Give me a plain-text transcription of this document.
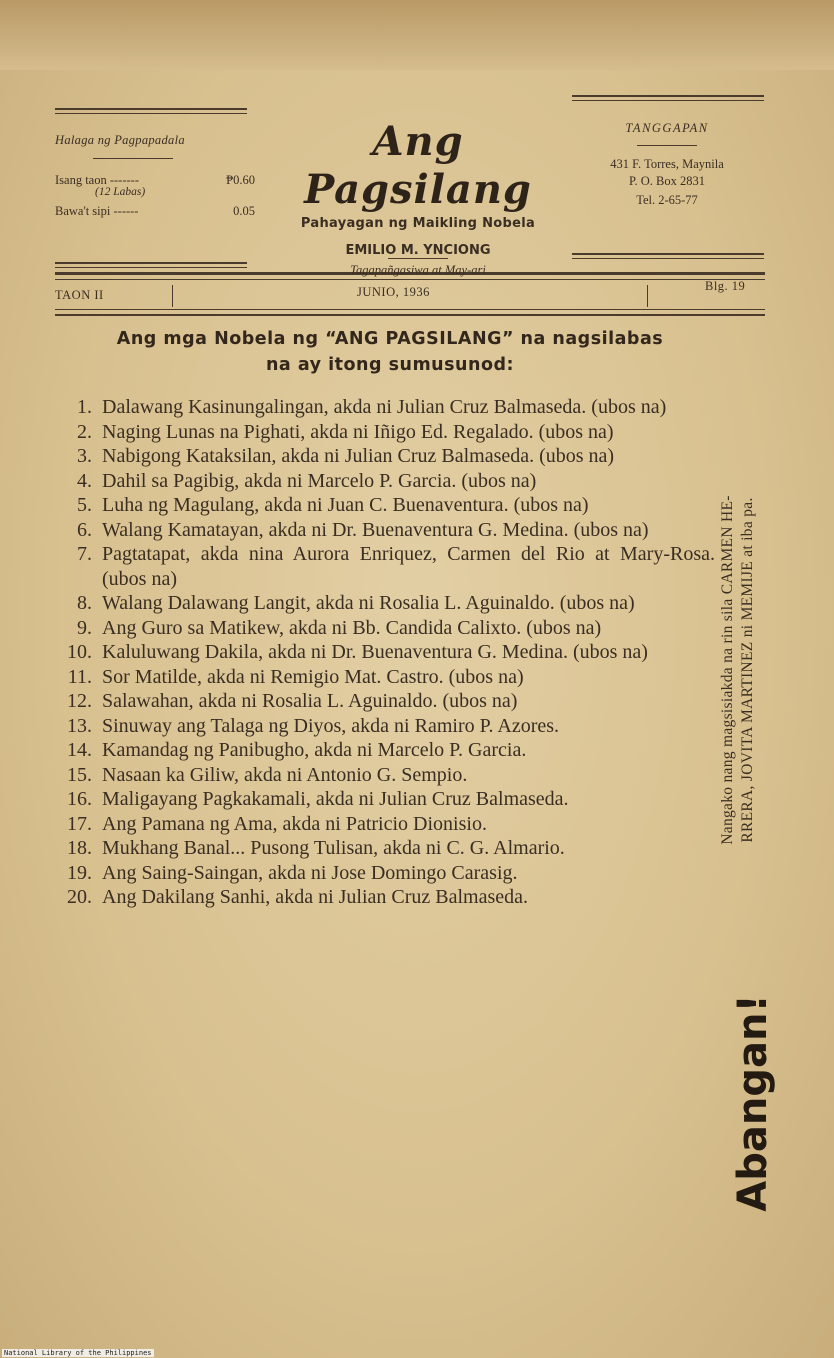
Halaga ng Pagpapadala
Isang taon -------	₱0.60
(12 Labas)
Bawa't sipi ------	0.05
Ang Pagsilang
Pahayagan ng Maikling Nobela
EMILIO M. YNCIONG
Tagapañgasiwa at May-ari
TANGGAPAN
431 F. Torres, Maynila
P. O. Box 2831
Tel. 2-65-77
TAON II	JUNIO, 1936	Blg. 19
Ang mga Nobela ng “ANG PAGSILANG” na nagsilabas
na ay itong sumusunod:
1. Dalawang Kasinungalingan, akda ni Julian Cruz Balmaseda. (ubos na)
2. Naging Lunas na Pighati, akda ni Iñigo Ed. Regalado. (ubos na)
3. Nabigong Kataksilan, akda ni Julian Cruz Balmaseda. (ubos na)
4. Dahil sa Pagibig, akda ni Marcelo P. Garcia. (ubos na)
5. Luha ng Magulang, akda ni Juan C. Buenaventura. (ubos na)
6. Walang Kamatayan, akda ni Dr. Buenaventura G. Medina. (ubos na)
7. Pagtatapat, akda nina Aurora Enriquez, Carmen del Rio at Mary-Rosa. (ubos na)
8. Walang Dalawang Langit, akda ni Rosalia L. Aguinaldo. (ubos na)
9. Ang Guro sa Matikew, akda ni Bb. Candida Calixto. (ubos na)
10. Kaluluwang Dakila, akda ni Dr. Buenaventura G. Medina. (ubos na)
11. Sor Matilde, akda ni Remigio Mat. Castro. (ubos na)
12. Salawahan, akda ni Rosalia L. Aguinaldo. (ubos na)
13. Sinuway ang Talaga ng Diyos, akda ni Ramiro P. Azores.
14. Kamandag ng Panibugho, akda ni Marcelo P. Garcia.
15. Nasaan ka Giliw, akda ni Antonio G. Sempio.
16. Maligayang Pagkakamali, akda ni Julian Cruz Balmaseda.
17. Ang Pamana ng Ama, akda ni Patricio Dionisio.
18. Mukhang Banal... Pusong Tulisan, akda ni C. G. Almario.
19. Ang Saing-Saingan, akda ni Jose Domingo Carasig.
20. Ang Dakilang Sanhi, akda ni Julian Cruz Balmaseda.
Nangako nang magsisiakda na rin sila CARMEN HE- RRERA, JOVITA MARTINEZ ni MEMIJE at iba pa.
Abangan!
National Library of the Philippines
